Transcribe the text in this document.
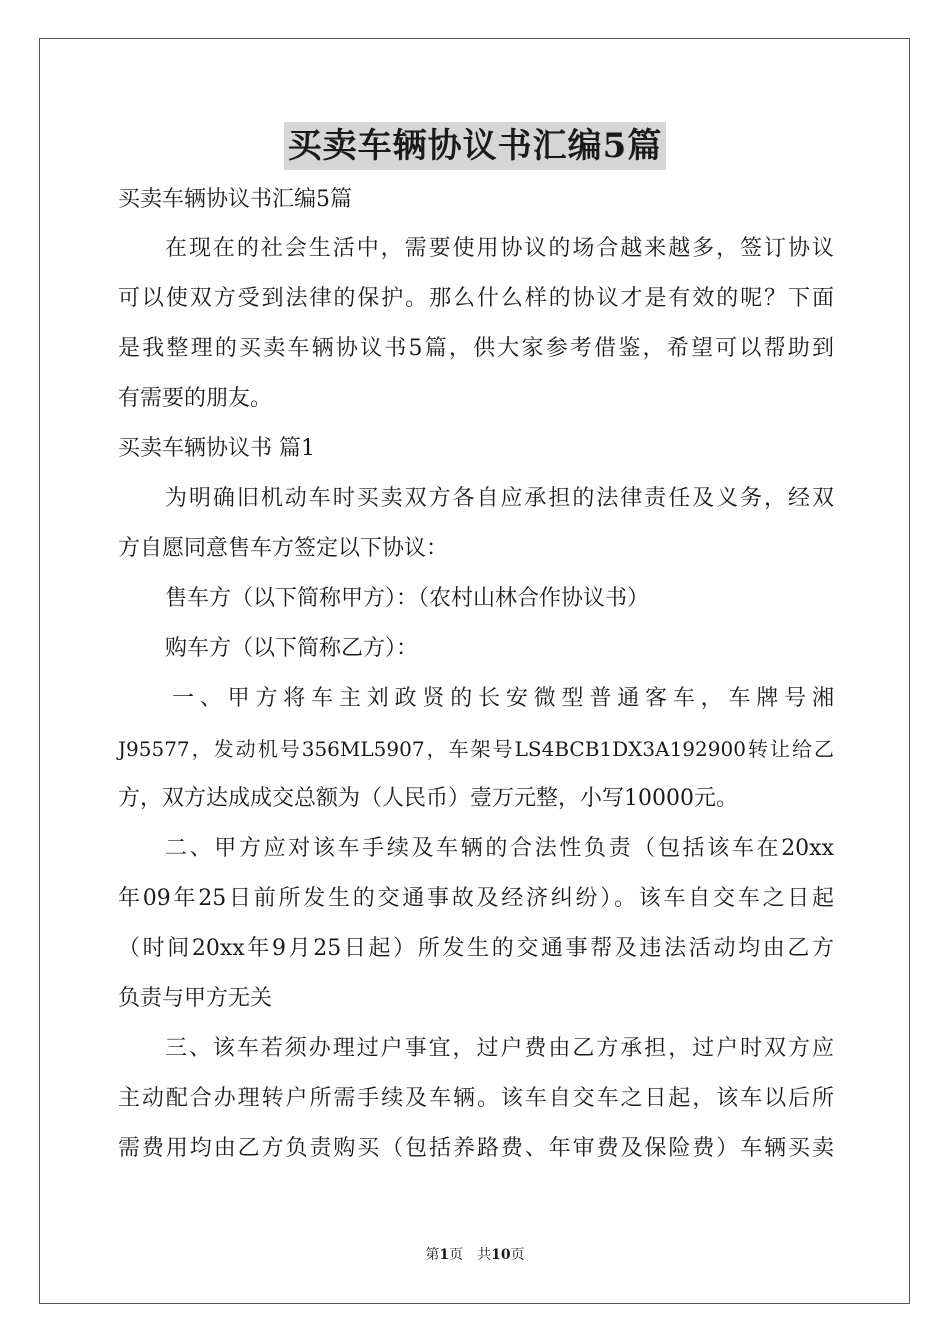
买卖车辆协议书汇编5篇
买卖车辆协议书汇编5篇
在现在的社会生活中，需要使用协议的场合越来越多，签订协议
可以使双方受到法律的保护。那么什么样的协议才是有效的呢？下面
是我整理的买卖车辆协议书5篇，供大家参考借鉴，希望可以帮助到
有需要的朋友。
买卖车辆协议书 篇1
为明确旧机动车时买卖双方各自应承担的法律责任及义务，经双
方自愿同意售车方签定以下协议：
售车方（以下简称甲方）：（农村山林合作协议书）
购车方（以下简称乙方）：
一、甲方将车主刘政贤的长安微型普通客车，车牌号湘
J95577，发动机号356ML5907，车架号LS4BCB1DX3A192900转让给乙
方，双方达成成交总额为（人民币）壹万元整，小写10000元。
二、甲方应对该车手续及车辆的合法性负责（包括该车在20xx
年09年25日前所发生的交通事故及经济纠纷）。该车自交车之日起
（时间20xx年9月25日起）所发生的交通事帮及违法活动均由乙方
负责与甲方无关
三、该车若须办理过户事宜，过户费由乙方承担，过户时双方应
主动配合办理转户所需手续及车辆。该车自交车之日起，该车以后所
需费用均由乙方负责购买（包括养路费、年审费及保险费）车辆买卖
第1页　共10页
